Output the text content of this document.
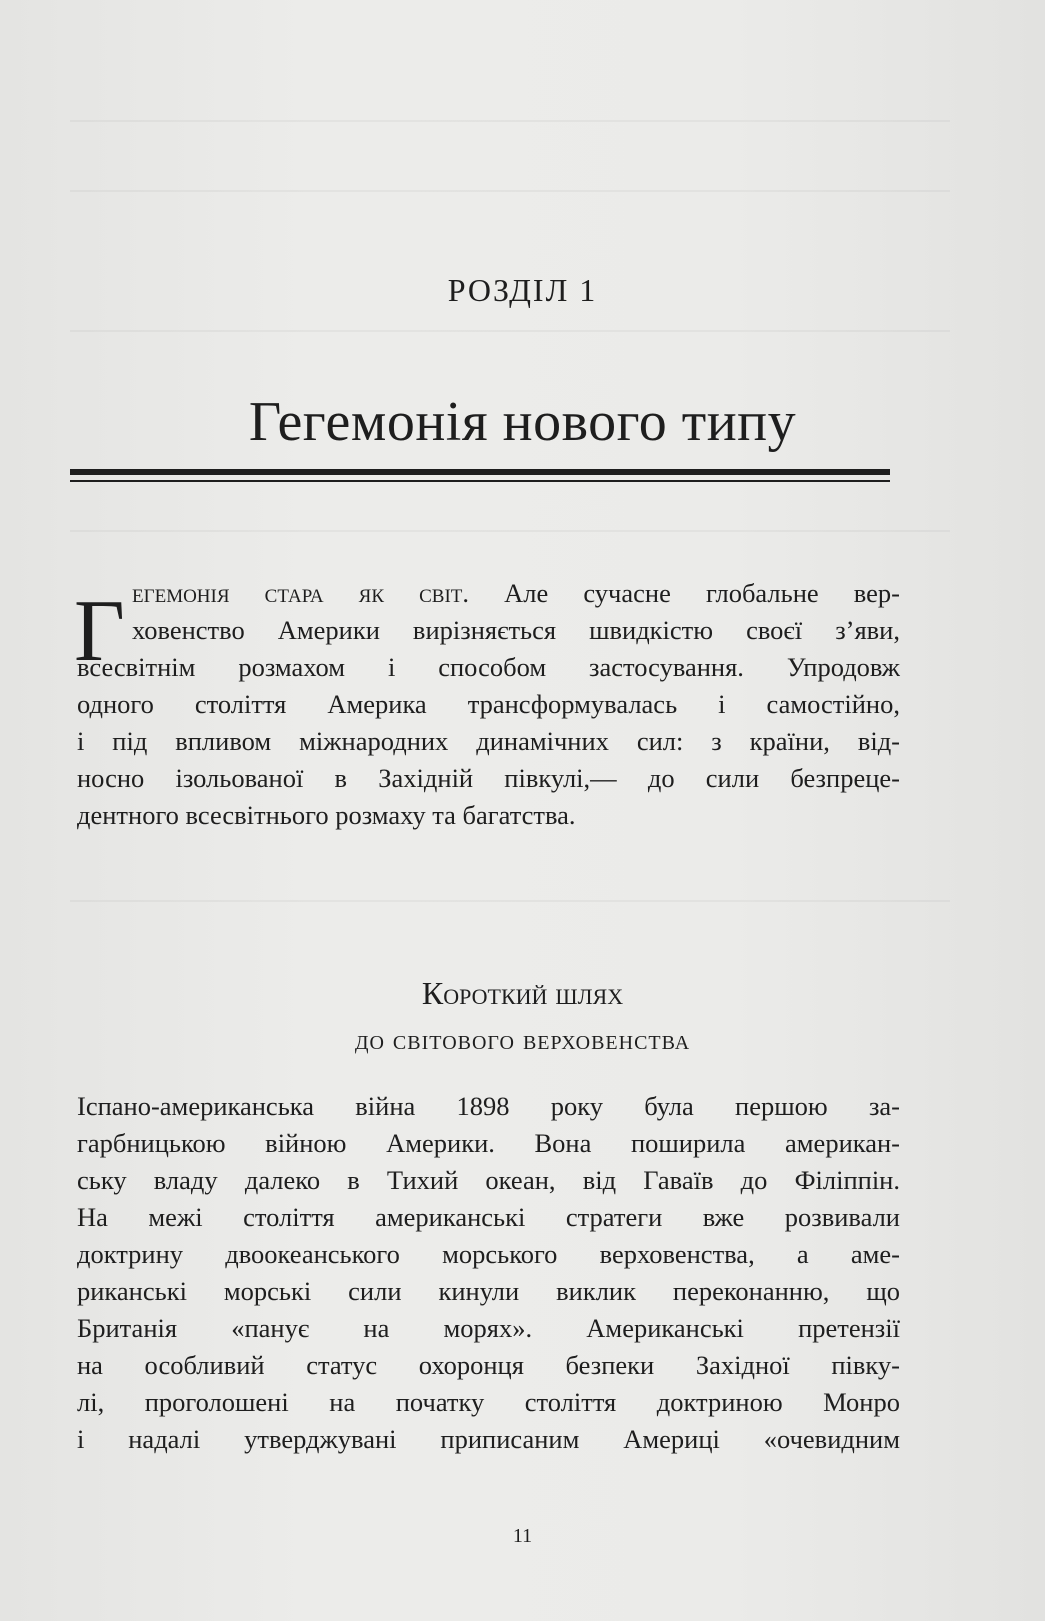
РОЗДІЛ 1
Гегемонія нового типу
Г егемонія стара як світ. Але сучасне глобальне вер-
ховенство Америки вирізняється швидкістю своєї з’яви,
всесвітнім розмахом і способом застосування. Упродовж
одного століття Америка трансформувалась і самостійно,
і під впливом міжнародних динамічних сил: з країни, від-
носно ізольованої в Західній півкулі,— до сили безпреце-
дентного всесвітнього розмаху та багатства.
Короткий шлях
до світового верховенства
Іспано-американська війна 1898 року була першою за-
гарбницькою війною Америки. Вона поширила американ-
ську владу далеко в Тихий океан, від Гаваїв до Філіппін.
На межі століття американські стратеги вже розвивали
доктрину двоокеанського морського верховенства, а аме-
риканські морські сили кинули виклик переконанню, що
Британія «панує на морях». Американські претензії
на особливий статус охоронця безпеки Західної півку-
лі, проголошені на початку століття доктриною Монро
і надалі утверджувані приписаним Америці «очевидним
11
